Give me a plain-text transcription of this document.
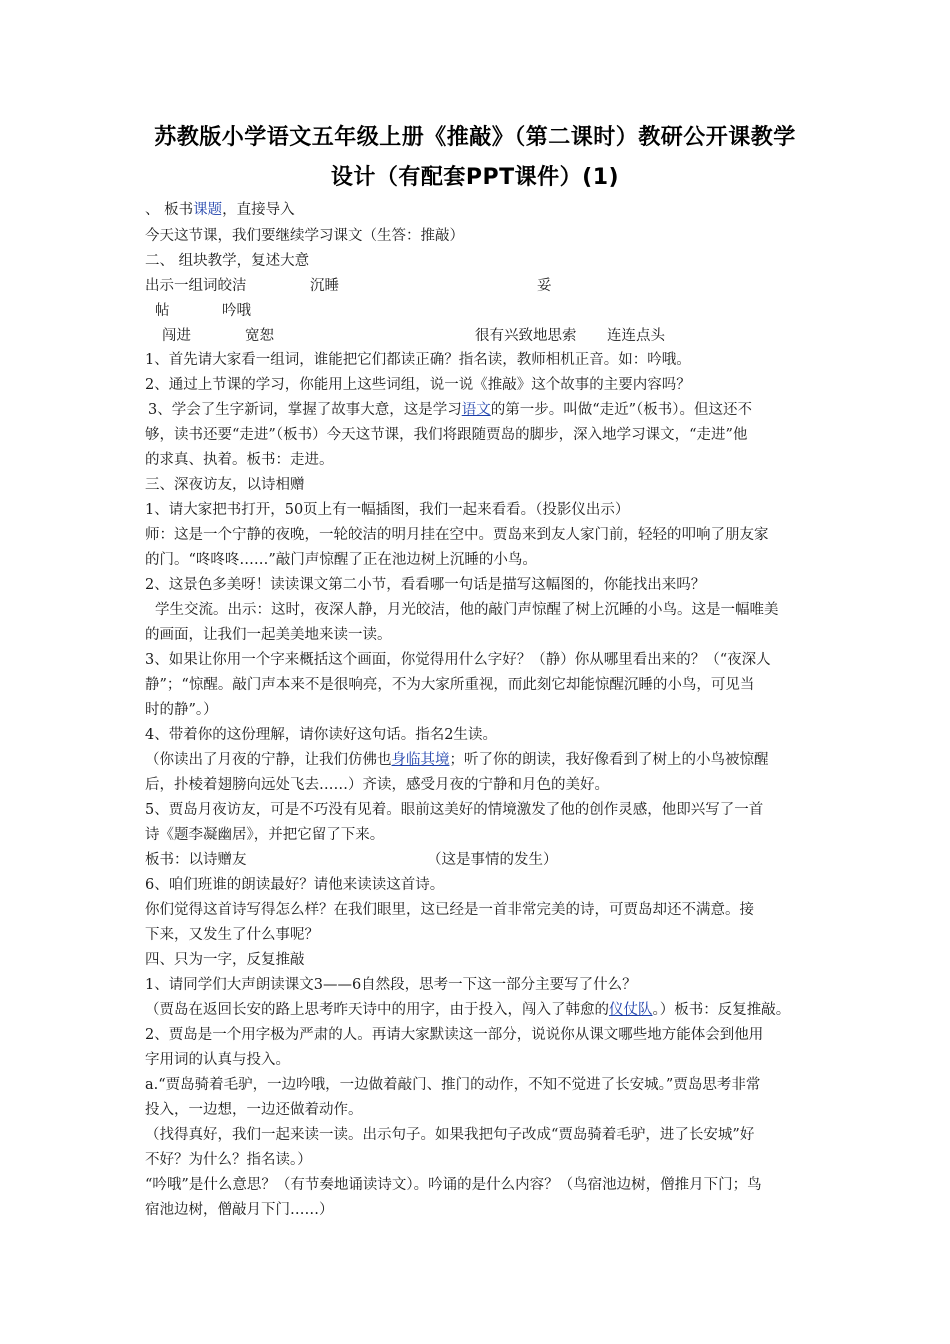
苏教版小学语文五年级上册《推敲》（第二课时）教研公开课教学
设计（有配套PPT课件）(1)
、 板书课题，直接导入
今天这节课，我们要继续学习课文（生答：推敲）
二、 组块教学，复述大意
出示一组词皎洁	沉睡	妥
帖	吟哦
闯进	宽恕	很有兴致地思索 连连点头
1、首先请大家看一组词，谁能把它们都读正确？指名读，教师相机正音。如：吟哦。
2、通过上节课的学习，你能用上这些词组，说一说《推敲》这个故事的主要内容吗？
3、学会了生字新词，掌握了故事大意，这是学习语文的第一步。叫做“走近”（板书）。但这还不
够，读书还要“走进”（板书）今天这节课，我们将跟随贾岛的脚步，深入地学习课文，“走进”他
的求真、执着。板书：走进。
三、深夜访友，以诗相赠
1、请大家把书打开，50页上有一幅插图，我们一起来看看。（投影仪出示）
师：这是一个宁静的夜晚，一轮皎洁的明月挂在空中。贾岛来到友人家门前，轻轻的叩响了朋友家
的门。“咚咚咚……”敲门声惊醒了正在池边树上沉睡的小鸟。
2、这景色多美呀！读读课文第二小节，看看哪一句话是描写这幅图的，你能找出来吗？
学生交流。出示：这时，夜深人静，月光皎洁，他的敲门声惊醒了树上沉睡的小鸟。这是一幅唯美
的画面，让我们一起美美地来读一读。
3、如果让你用一个字来概括这个画面，你觉得用什么字好？（静）你从哪里看出来的？（“夜深人
静”；“惊醒。敲门声本来不是很响亮，不为大家所重视，而此刻它却能惊醒沉睡的小鸟，可见当
时的静”。）
4、带着你的这份理解，请你读好这句话。指名2生读。
（你读出了月夜的宁静，让我们仿佛也身临其境；听了你的朗读，我好像看到了树上的小鸟被惊醒
后，扑棱着翅膀向远处飞去……）齐读，感受月夜的宁静和月色的美好。
5、贾岛月夜访友，可是不巧没有见着。眼前这美好的情境激发了他的创作灵感，他即兴写了一首
诗《题李凝幽居》，并把它留了下来。
板书：以诗赠友	（这是事情的发生）
6、咱们班谁的朗读最好？请他来读读这首诗。
你们觉得这首诗写得怎么样？在我们眼里，这已经是一首非常完美的诗，可贾岛却还不满意。接
下来，又发生了什么事呢？
四、只为一字，反复推敲
1、请同学们大声朗读课文3——6自然段，思考一下这一部分主要写了什么？
（贾岛在返回长安的路上思考昨天诗中的用字，由于投入，闯入了韩愈的仪仗队。）板书：反复推敲。
2、贾岛是一个用字极为严肃的人。再请大家默读这一部分，说说你从课文哪些地方能体会到他用
字用词的认真与投入。
a.“贾岛骑着毛驴，一边吟哦，一边做着敲门、推门的动作，不知不觉进了长安城。”贾岛思考非常
投入，一边想，一边还做着动作。
（找得真好，我们一起来读一读。出示句子。如果我把句子改成“贾岛骑着毛驴，进了长安城”好
不好？为什么？指名读。）
“吟哦”是什么意思？（有节奏地诵读诗文）。吟诵的是什么内容？（鸟宿池边树，僧推月下门；鸟
宿池边树，僧敲月下门……）
